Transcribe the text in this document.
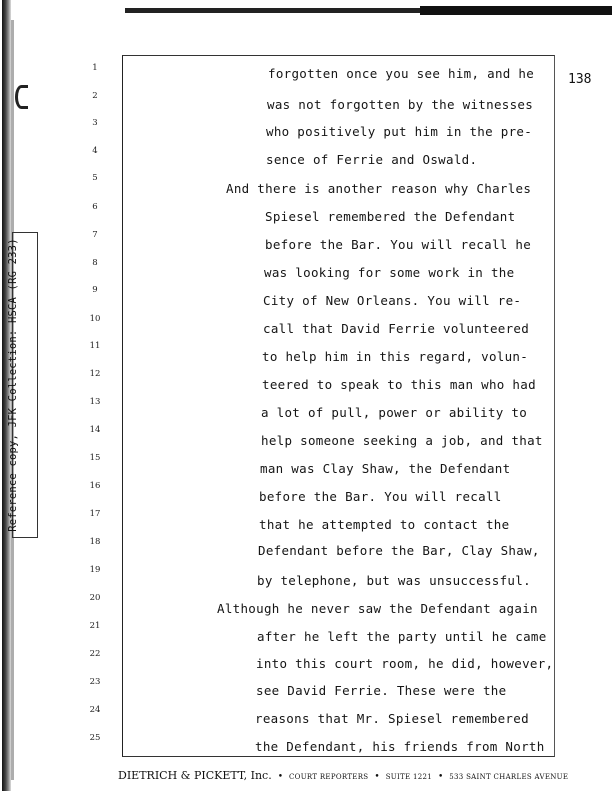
Reference copy, JFK Collection: HSCA (RG 233)
138
1
2
3
4
5
6
7
8
9
10
11
12
13
14
15
16
17
18
19
20
21
22
23
24
25
forgotten once you see him, and he
was not forgotten by the witnesses
who positively put him in the pre-
sence of Ferrie and Oswald.
And there is another reason why Charles
Spiesel remembered the Defendant
before the Bar. You will recall he
was looking for some work in the
City of New Orleans. You will re-
call that David Ferrie volunteered
to help him in this regard, volun-
teered to speak to this man who had
a lot of pull, power or ability to
help someone seeking a job, and that
man was Clay Shaw, the Defendant
before the Bar. You will recall
that he attempted to contact the
Defendant before the Bar, Clay Shaw,
by telephone, but was unsuccessful.
Although he never saw the Defendant again
after he left the party until he came
into this court room, he did, however,
see David Ferrie. These were the
reasons that Mr. Spiesel remembered
the Defendant, his friends from North
DIETRICH & PICKETT, Inc. • COURT REPORTERS • SUITE 1221 • 533 SAINT CHARLES AVENUE
